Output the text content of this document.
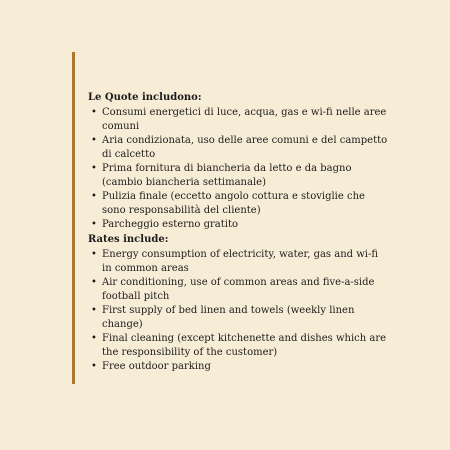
Le Quote includono:
• Consumi energetici di luce, acqua, gas e wi-fi nelle aree comuni
• Aria condizionata, uso delle aree comuni e del campetto di calcetto
• Prima fornitura di biancheria da letto e da bagno (cambio biancheria settimanale)
• Pulizia finale (eccetto angolo cottura e stoviglie che sono responsabilità del cliente)
• Parcheggio esterno gratito
Rates include:
• Energy consumption of electricity, water, gas and wi-fi in common areas
• Air conditioning, use of common areas and five-a-side football pitch
• First supply of bed linen and towels (weekly linen change)
• Final cleaning (except kitchenette and dishes which are the responsibility of the customer)
• Free outdoor parking
